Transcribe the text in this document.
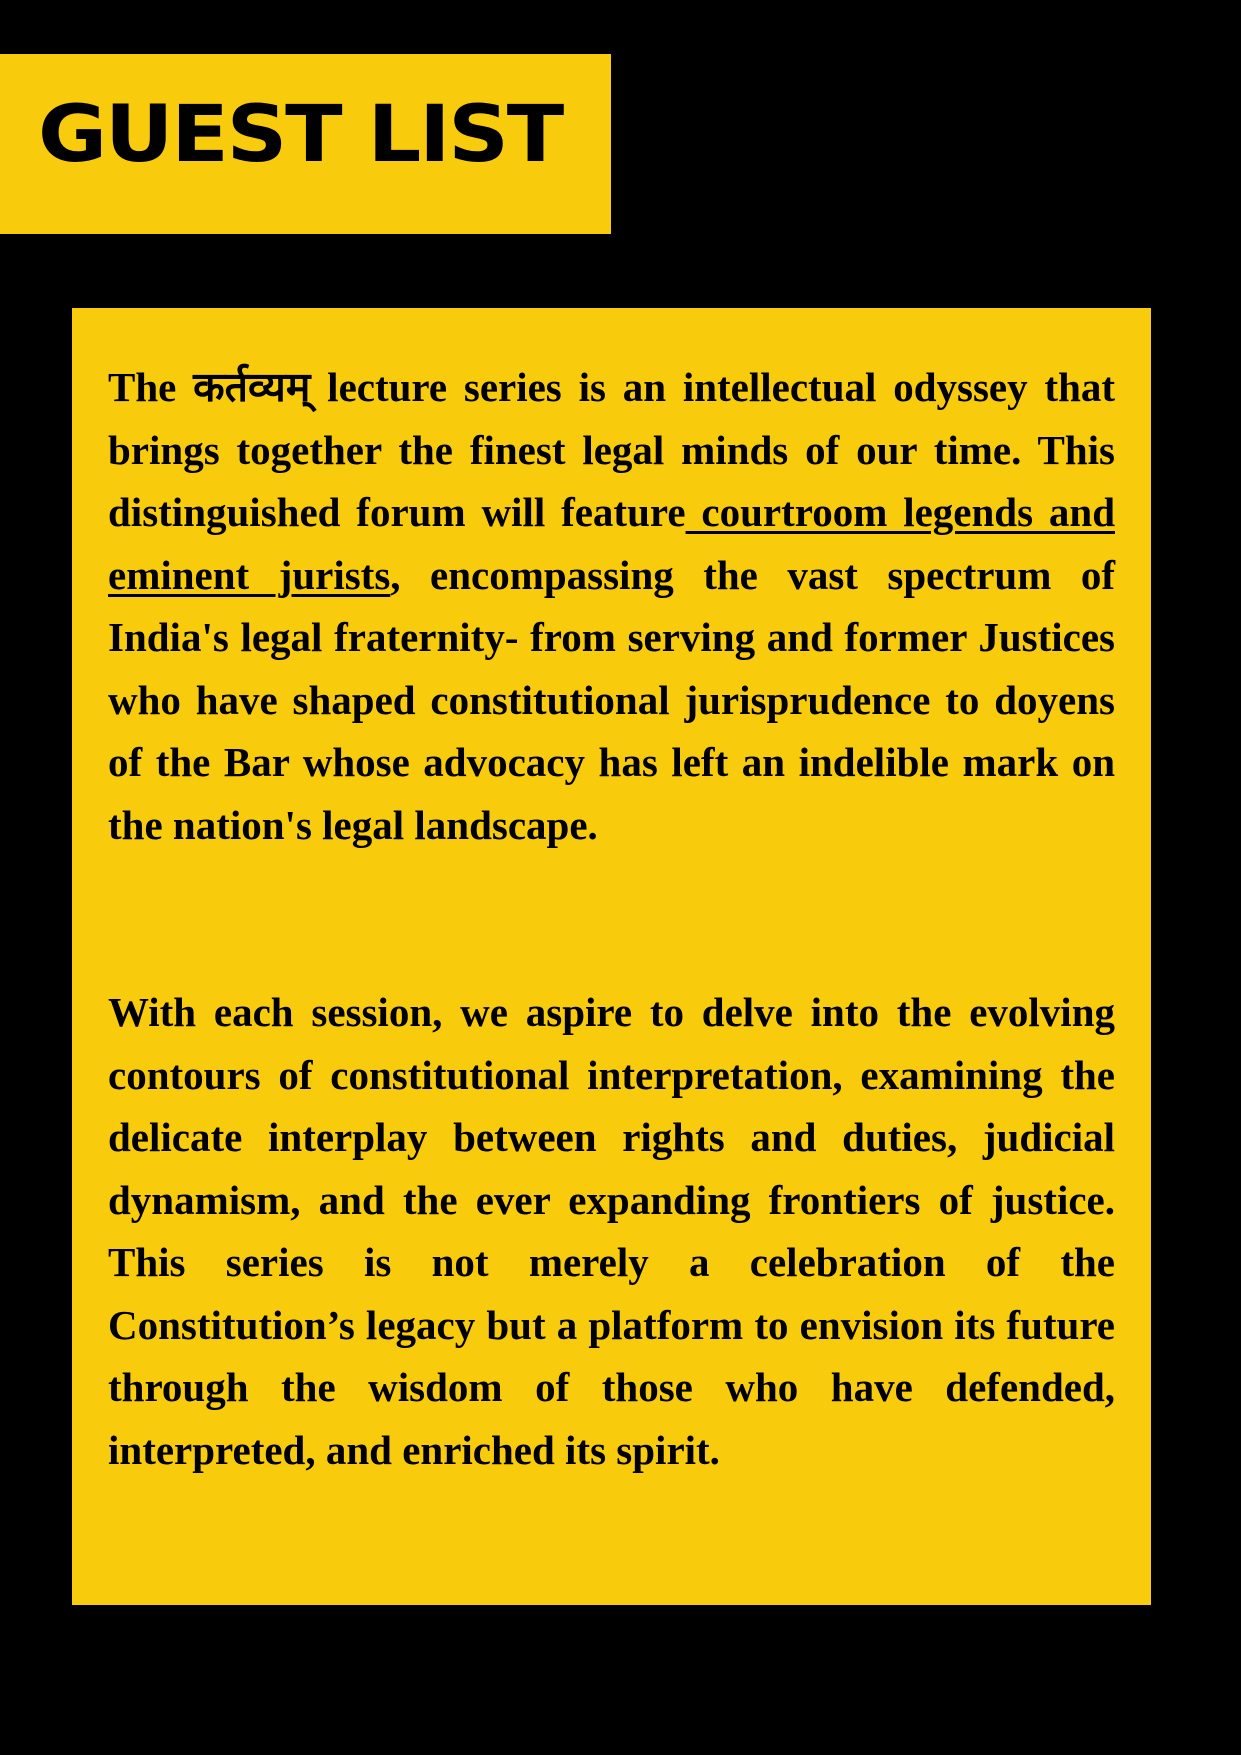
GUEST LIST

The कर्तव्यम् lecture series is an intellectual odyssey that brings together the finest legal minds of our time. This distinguished forum will feature courtroom legends and eminent jurists, encompassing the vast spectrum of India's legal fraternity- from serving and former Justices who have shaped constitutional jurisprudence to doyens of the Bar whose advocacy has left an indelible mark on the nation's legal landscape.

With each session, we aspire to delve into the evolving contours of constitutional interpretation, examining the delicate interplay between rights and duties, judicial dynamism, and the ever expanding frontiers of justice. This series is not merely a celebration of the Constitution’s legacy but a platform to envision its future through the wisdom of those who have defended, interpreted, and enriched its spirit.
